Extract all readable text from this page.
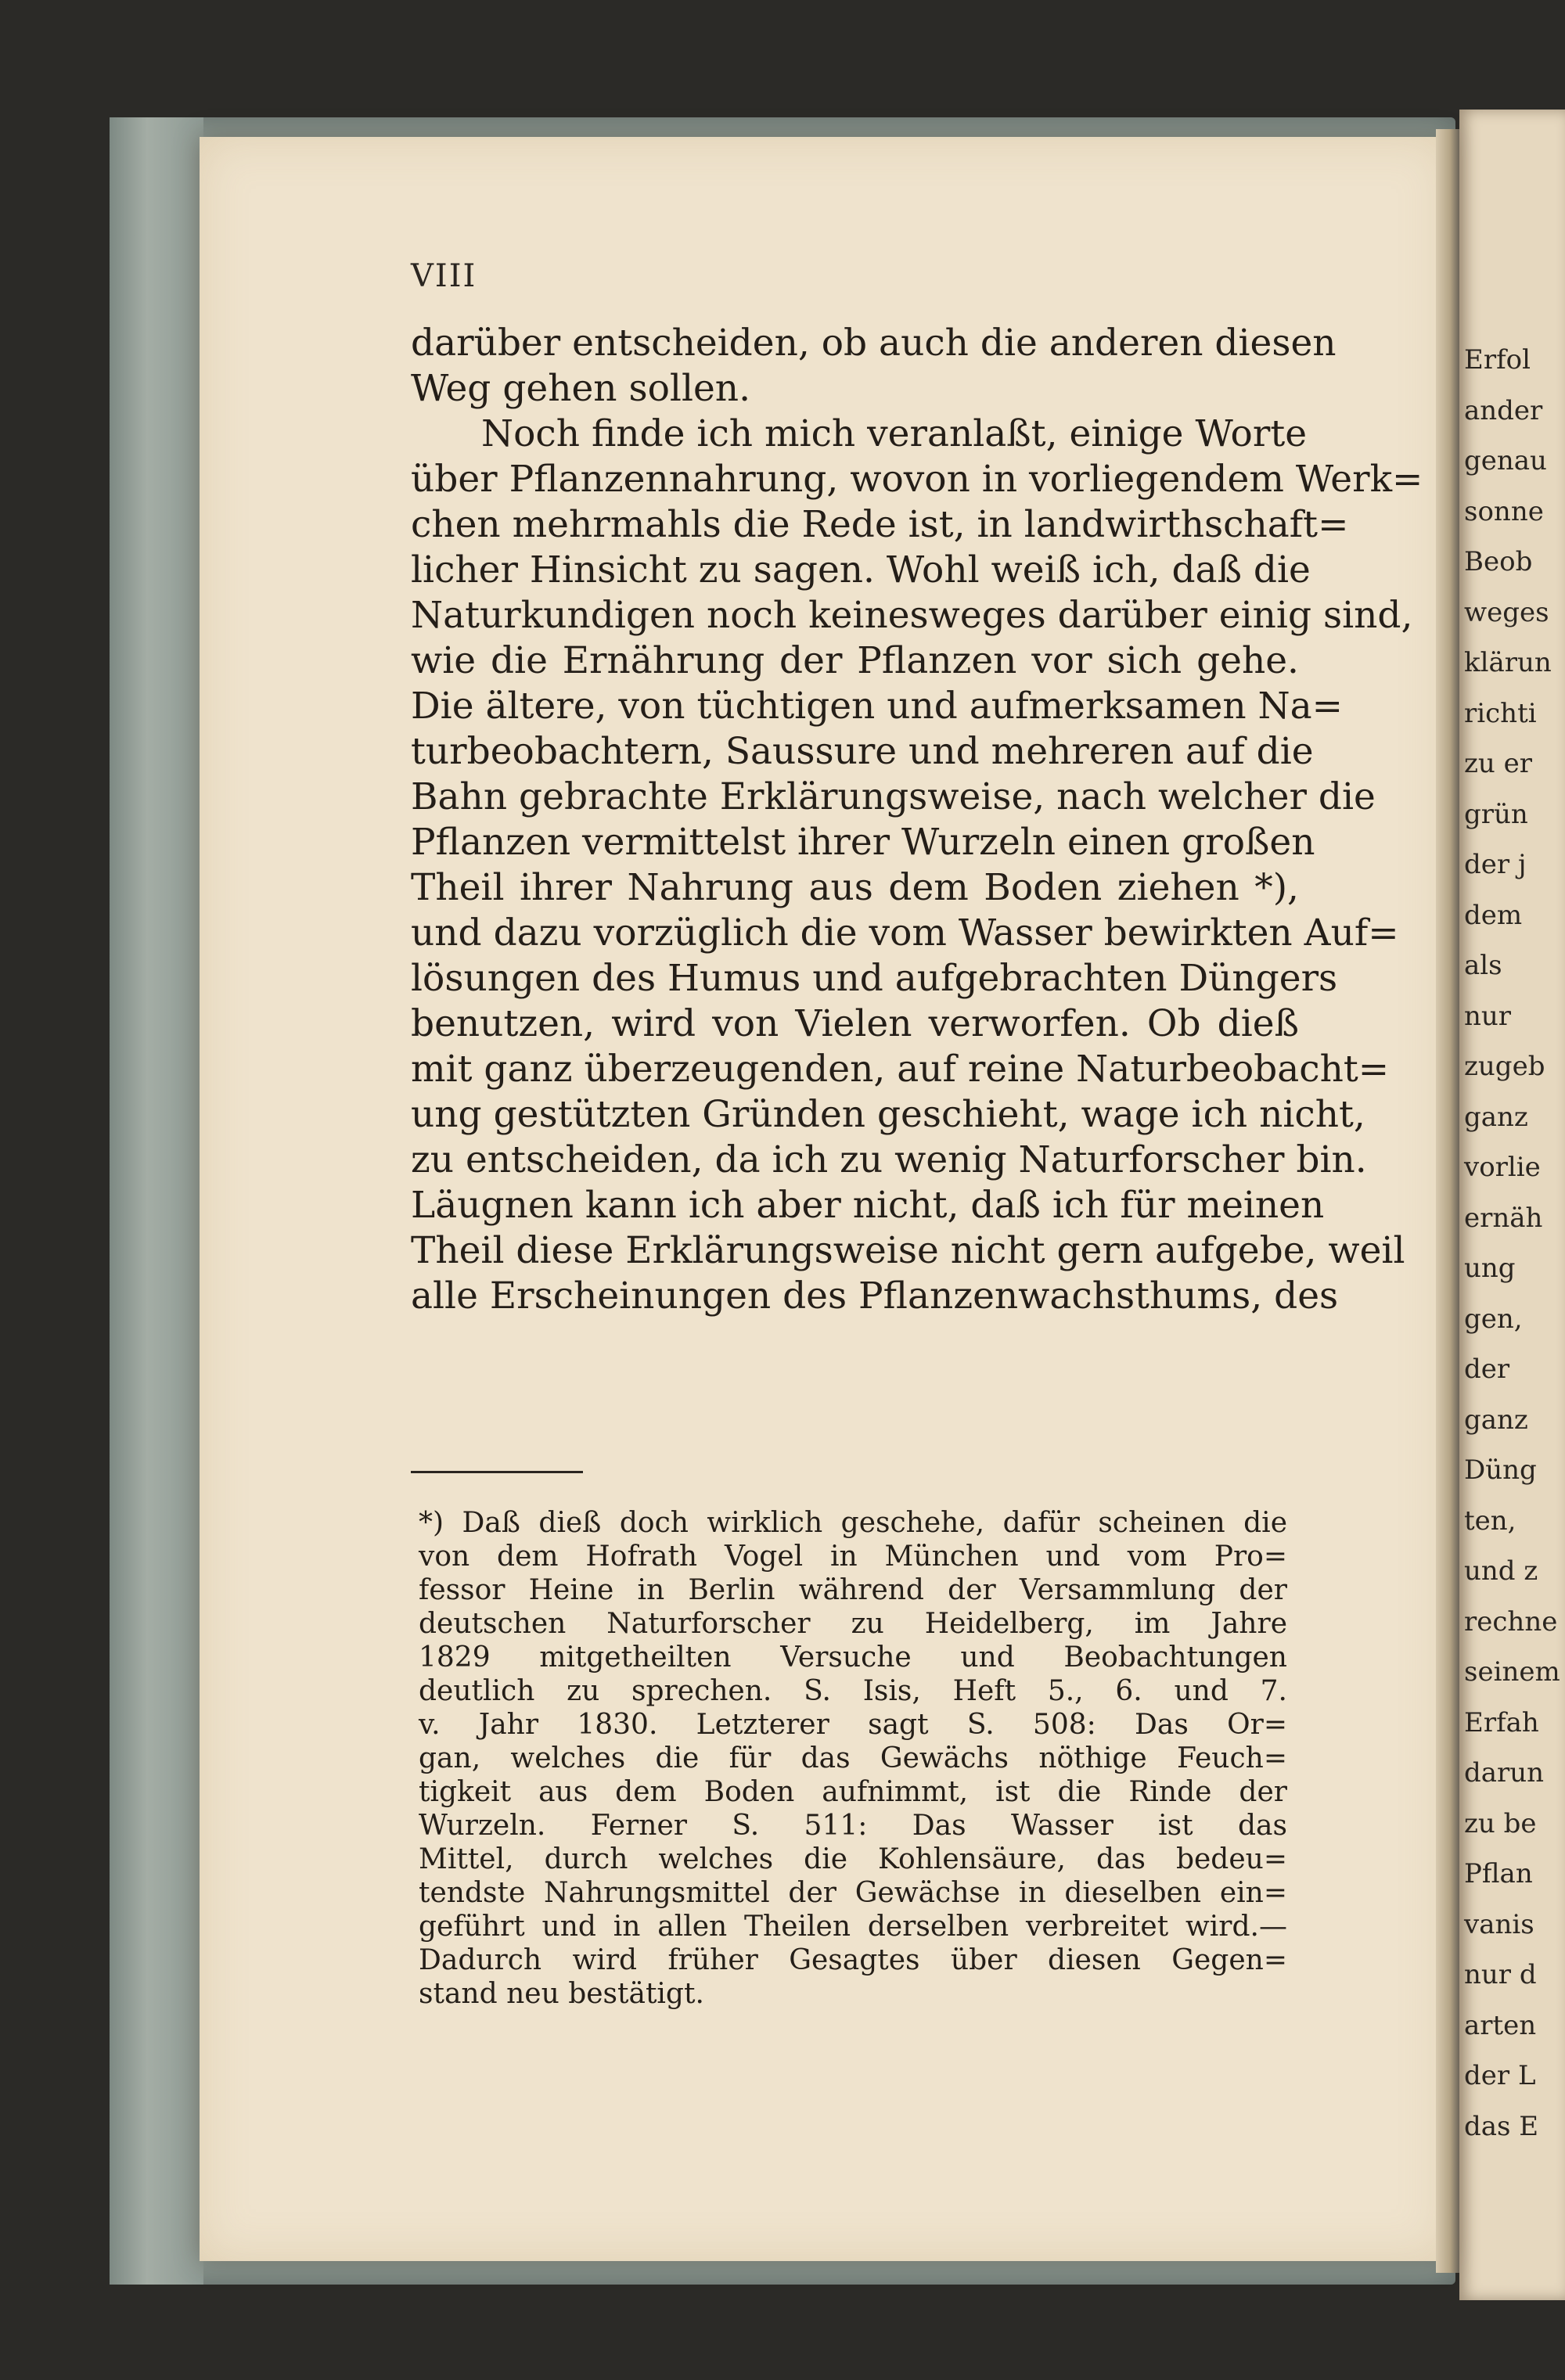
Erfol
ander
genau
sonne
Beob
weges
klärun
richti
zu er
grün
der j
dem
als
nur
zugeb
ganz
vorlie
ernäh
ung
gen,
der
ganz
Düng
ten,
und z
rechne
seinem
Erfah
darun
zu be
Pflan
vanis
nur d
arten
der L
das E
VIII
darüber entscheiden, ob auch die anderen diesen
Weg gehen sollen.
Noch finde ich mich veranlaßt, einige Worte
über Pflanzennahrung, wovon in vorliegendem Werk=
chen mehrmahls die Rede ist, in landwirthschaft=
licher Hinsicht zu sagen. Wohl weiß ich, daß die
Naturkundigen noch keinesweges darüber einig sind,
wie die Ernährung der Pflanzen vor sich gehe.
Die ältere, von tüchtigen und aufmerksamen Na=
turbeobachtern, Saussure und mehreren auf die
Bahn gebrachte Erklärungsweise, nach welcher die
Pflanzen vermittelst ihrer Wurzeln einen großen
Theil ihrer Nahrung aus dem Boden ziehen *),
und dazu vorzüglich die vom Wasser bewirkten Auf=
lösungen des Humus und aufgebrachten Düngers
benutzen, wird von Vielen verworfen. Ob dieß
mit ganz überzeugenden, auf reine Naturbeobacht=
ung gestützten Gründen geschieht, wage ich nicht,
zu entscheiden, da ich zu wenig Naturforscher bin.
Läugnen kann ich aber nicht, daß ich für meinen
Theil diese Erklärungsweise nicht gern aufgebe, weil
alle Erscheinungen des Pflanzenwachsthums, des
*) Daß dieß doch wirklich geschehe, dafür scheinen die
von dem Hofrath Vogel in München und vom Pro=
fessor Heine in Berlin während der Versammlung der
deutschen Naturforscher zu Heidelberg, im Jahre
1829 mitgetheilten Versuche und Beobachtungen
deutlich zu sprechen. S. Isis, Heft 5., 6. und 7.
v. Jahr 1830. Letzterer sagt S. 508: Das Or=
gan, welches die für das Gewächs nöthige Feuch=
tigkeit aus dem Boden aufnimmt, ist die Rinde der
Wurzeln. Ferner S. 511: Das Wasser ist das
Mittel, durch welches die Kohlensäure, das bedeu=
tendste Nahrungsmittel der Gewächse in dieselben ein=
geführt und in allen Theilen derselben verbreitet wird.—
Dadurch wird früher Gesagtes über diesen Gegen=
stand neu bestätigt.
